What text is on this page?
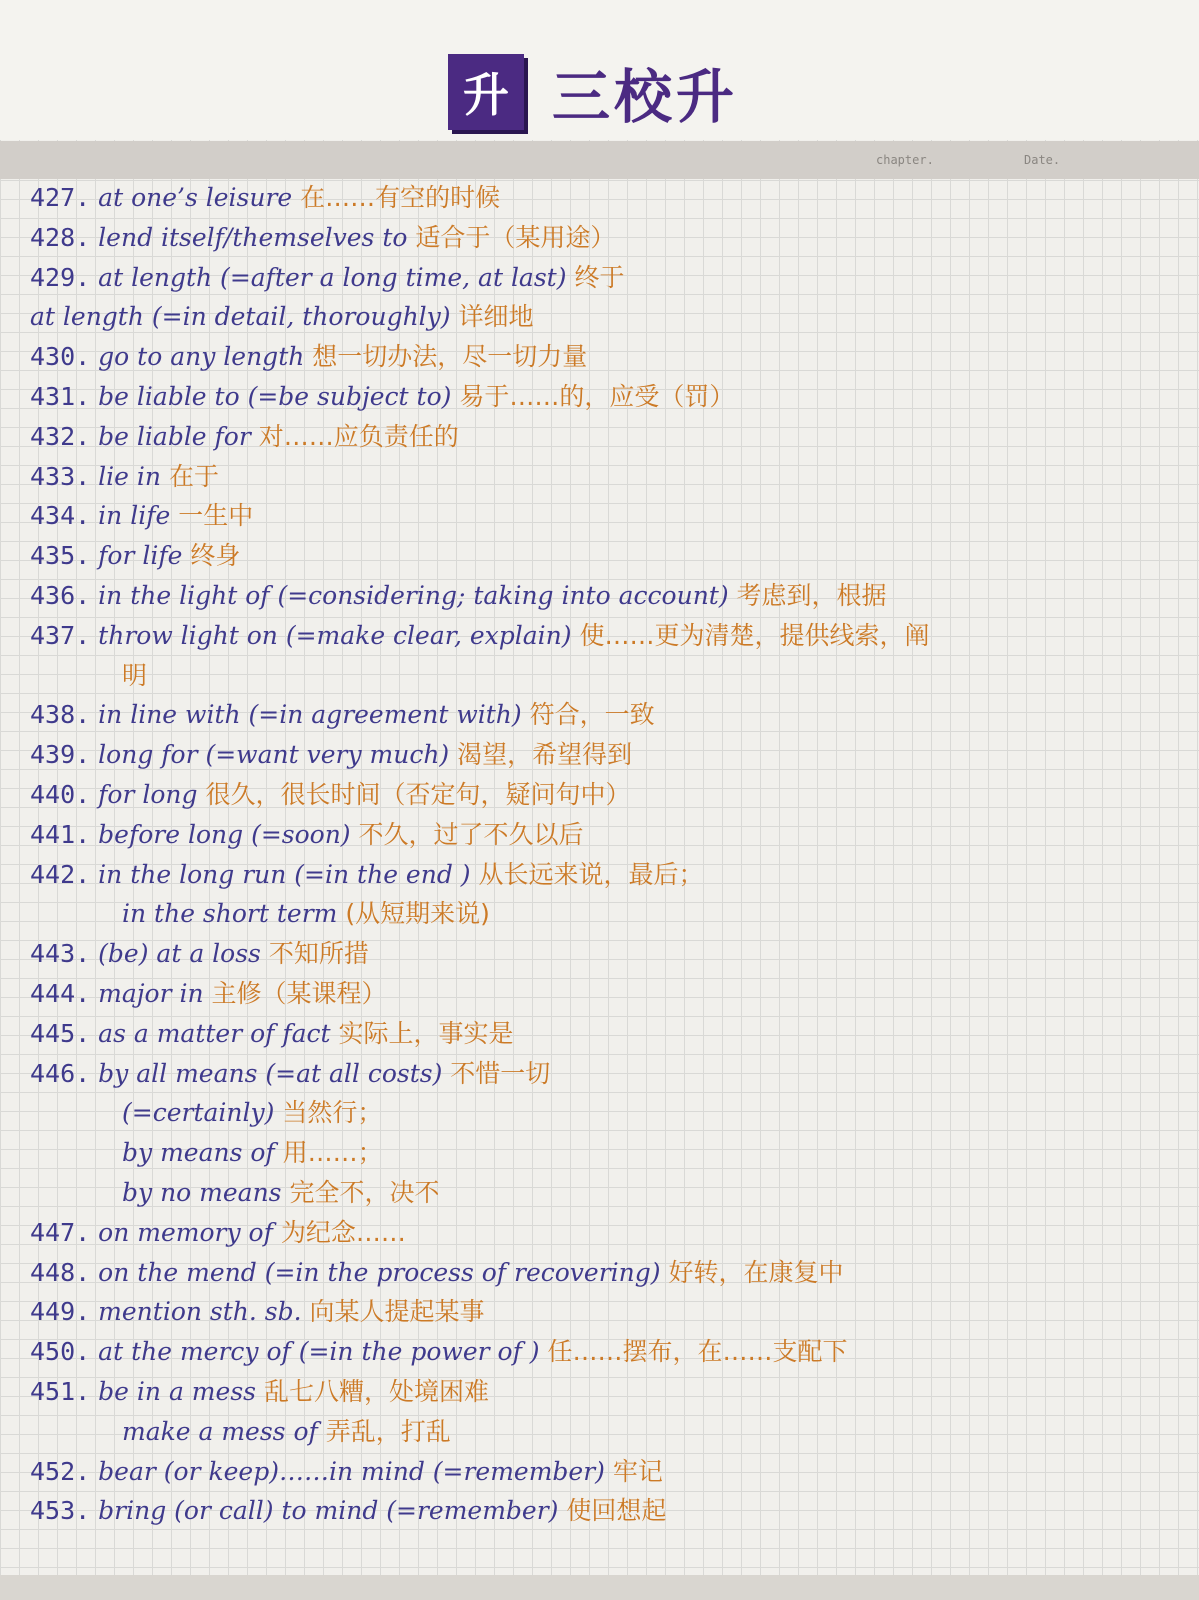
升 三校升
chapter.	Date.
427. at one’s leisure 在……有空的时候
428. lend itself/themselves to 适合于（某用途）
429. at length (=after a long time, at last) 终于
at length (=in detail, thoroughly) 详细地
430. go to any length 想一切办法，尽一切力量
431. be liable to (=be subject to) 易于……的，应受（罚）
432. be liable for 对……应负责任的
433. lie in 在于
434. in life 一生中
435. for life 终身
436. in the light of (=considering; taking into account) 考虑到，根据
437. throw light on (=make clear, explain) 使……更为清楚，提供线索，阐
明
438. in line with (=in agreement with) 符合，一致
439. long for (=want very much) 渴望，希望得到
440. for long 很久，很长时间（否定句，疑问句中）
441. before long (=soon) 不久，过了不久以后
442. in the long run (=in the end ) 从长远来说，最后；
in the short term (从短期来说)
443. (be) at a loss 不知所措
444. major in 主修（某课程）
445. as a matter of fact 实际上，事实是
446. by all means (=at all costs) 不惜一切
(=certainly) 当然行；
by means of 用……；
by no means 完全不，决不
447. on memory of 为纪念……
448. on the mend (=in the process of recovering) 好转，在康复中
449. mention sth. sb. 向某人提起某事
450. at the mercy of (=in the power of ) 任……摆布，在……支配下
451. be in a mess 乱七八糟，处境困难
make a mess of 弄乱，打乱
452. bear (or keep)……in mind (=remember) 牢记
453. bring (or call) to mind (=remember) 使回想起
